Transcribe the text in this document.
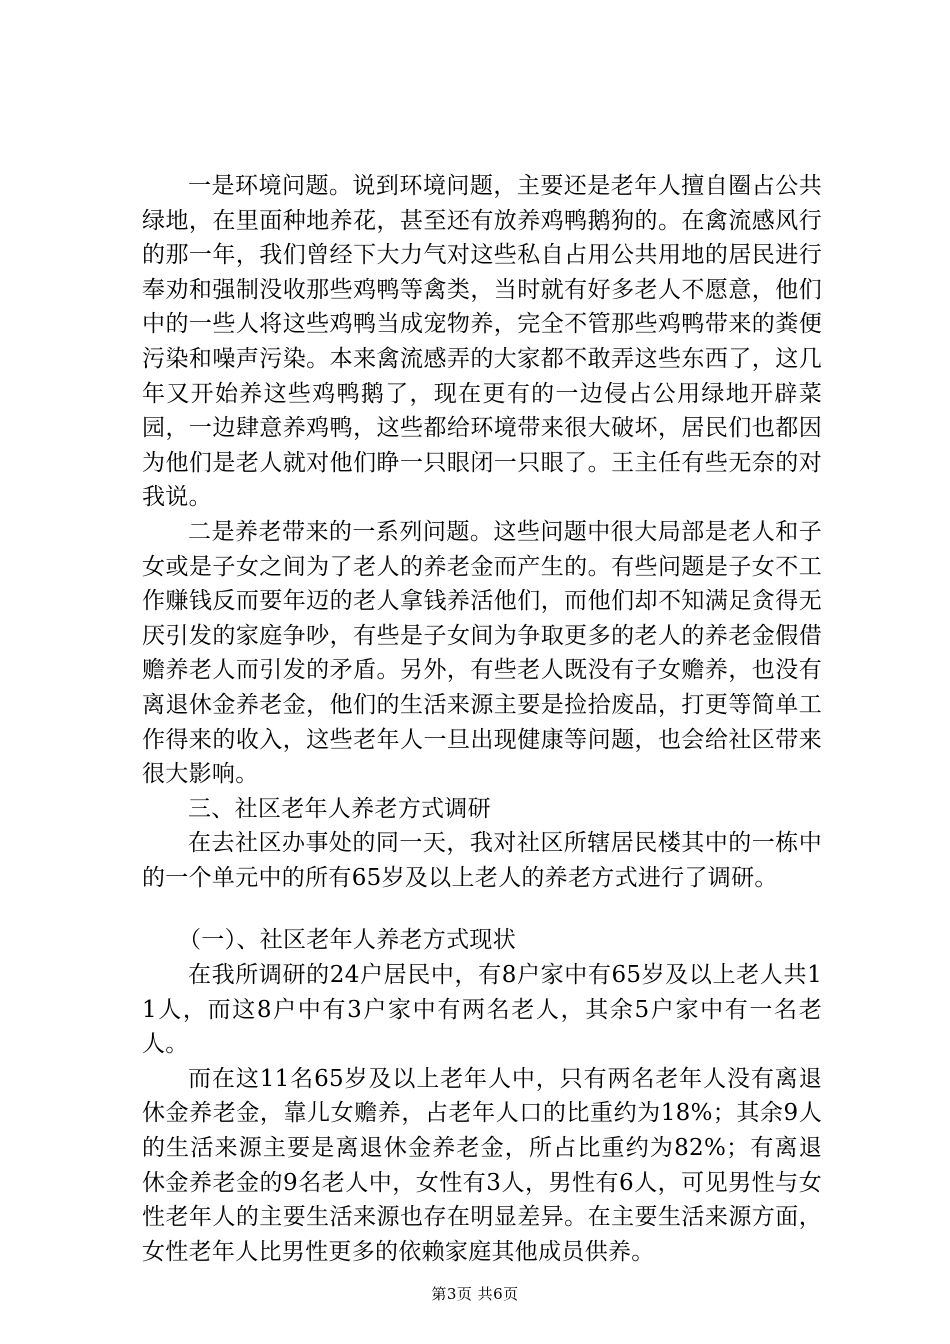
一是环境问题。说到环境问题，主要还是老年人擅自圈占公共绿地，在里面种地养花，甚至还有放养鸡鸭鹅狗的。在禽流感风行的那一年，我们曾经下大力气对这些私自占用公共用地的居民进行奉劝和强制没收那些鸡鸭等禽类，当时就有好多老人不愿意，他们中的一些人将这些鸡鸭当成宠物养，完全不管那些鸡鸭带来的粪便污染和噪声污染。本来禽流感弄的大家都不敢弄这些东西了，这几年又开始养这些鸡鸭鹅了，现在更有的一边侵占公用绿地开辟菜园，一边肆意养鸡鸭，这些都给环境带来很大破坏，居民们也都因为他们是老人就对他们睁一只眼闭一只眼了。王主任有些无奈的对我说。

二是养老带来的一系列问题。这些问题中很大局部是老人和子女或是子女之间为了老人的养老金而产生的。有些问题是子女不工作赚钱反而要年迈的老人拿钱养活他们，而他们却不知满足贪得无厌引发的家庭争吵，有些是子女间为争取更多的老人的养老金假借赡养老人而引发的矛盾。另外，有些老人既没有子女赡养，也没有离退休金养老金，他们的生活来源主要是捡拾废品，打更等简单工作得来的收入，这些老年人一旦出现健康等问题，也会给社区带来很大影响。

三、社区老年人养老方式调研

在去社区办事处的同一天，我对社区所辖居民楼其中的一栋中的一个单元中的所有65岁及以上老人的养老方式进行了调研。

（一）、社区老年人养老方式现状

在我所调研的24户居民中，有8户家中有65岁及以上老人共11人，而这8户中有3户家中有两名老人，其余5户家中有一名老人。

而在这11名65岁及以上老年人中，只有两名老年人没有离退休金养老金，靠儿女赡养，占老年人口的比重约为18%；其余9人的生活来源主要是离退休金养老金，所占比重约为82%；有离退休金养老金的9名老人中，女性有3人，男性有6人，可见男性与女性老年人的主要生活来源也存在明显差异。在主要生活来源方面，女性老年人比男性更多的依赖家庭其他成员供养。

第3页 共6页
